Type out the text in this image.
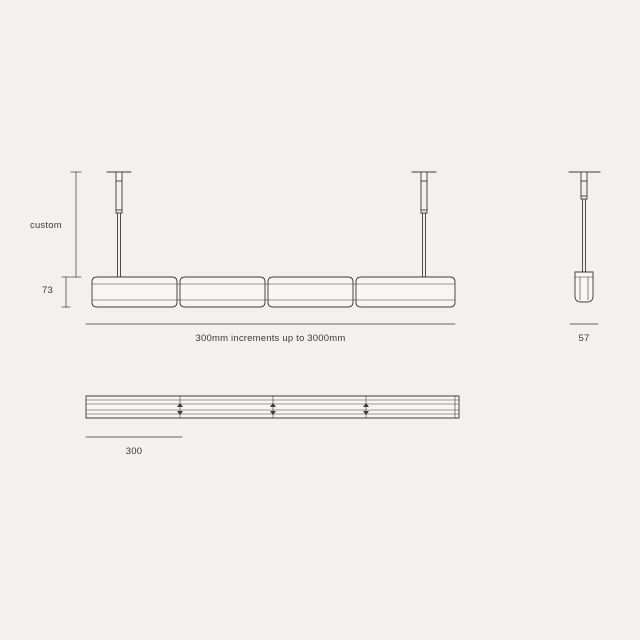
custom
73
300mm increments up to 3000mm	57
300
